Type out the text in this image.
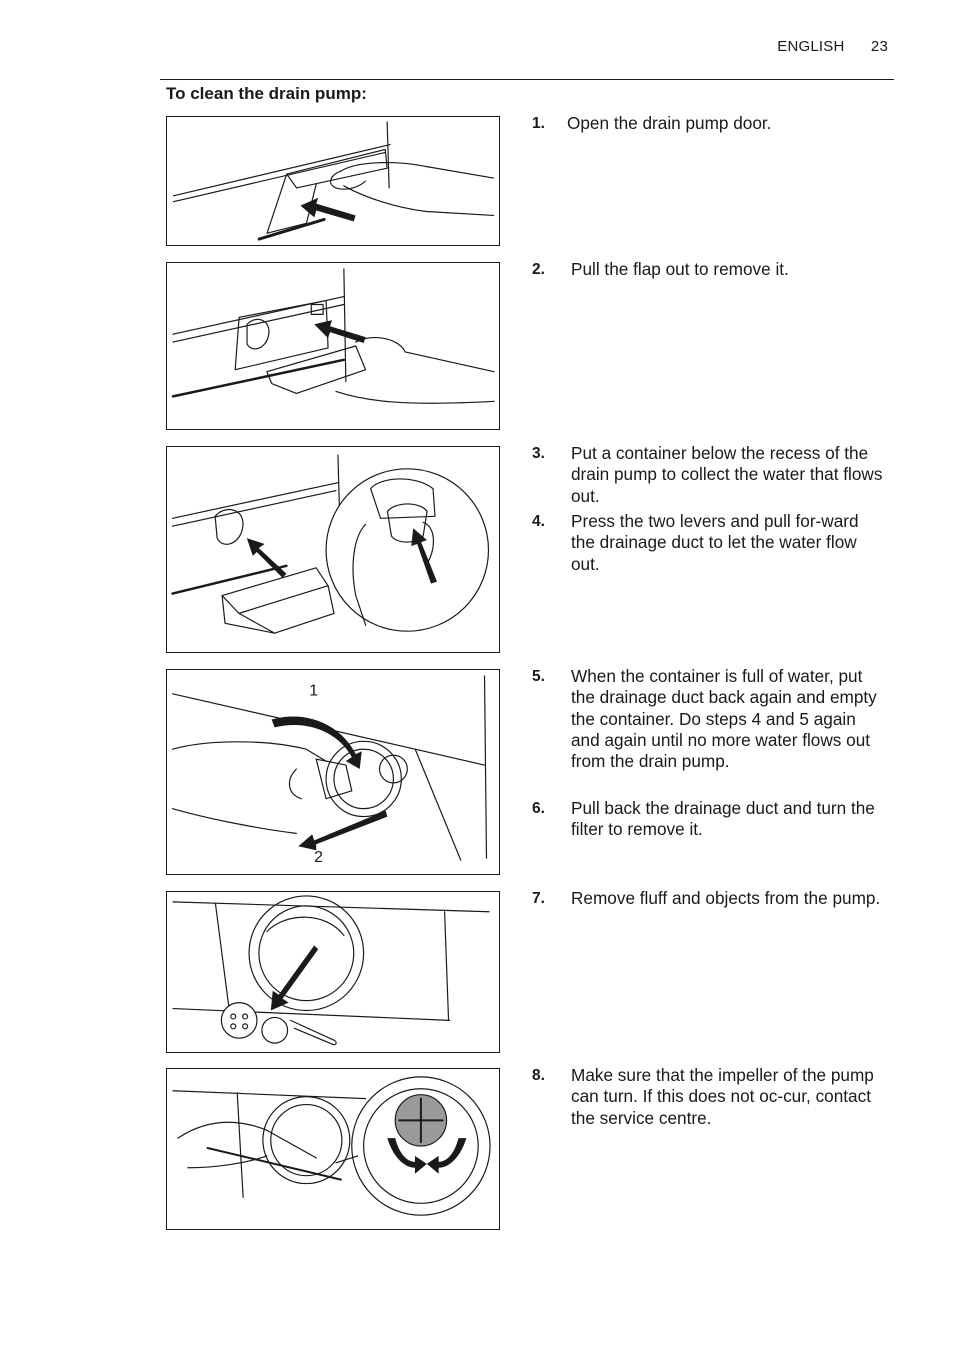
ENGLISH 23
To clean the drain pump:
1. Open the drain pump door.
2. Pull the flap out to remove it.
3. Put a container below the recess of the drain pump to collect the water that flows out.
4. Press the two levers and pull for-ward the drainage duct to let the water flow out.
1
2
5. When the container is full of water, put the drainage duct back again and empty the container. Do steps 4 and 5 again and again until no more water flows out from the drain pump.
6. Pull back the drainage duct and turn the filter to remove it.
7. Remove fluff and objects from the pump.
8. Make sure that the impeller of the pump can turn. If this does not oc-cur, contact the service centre.
